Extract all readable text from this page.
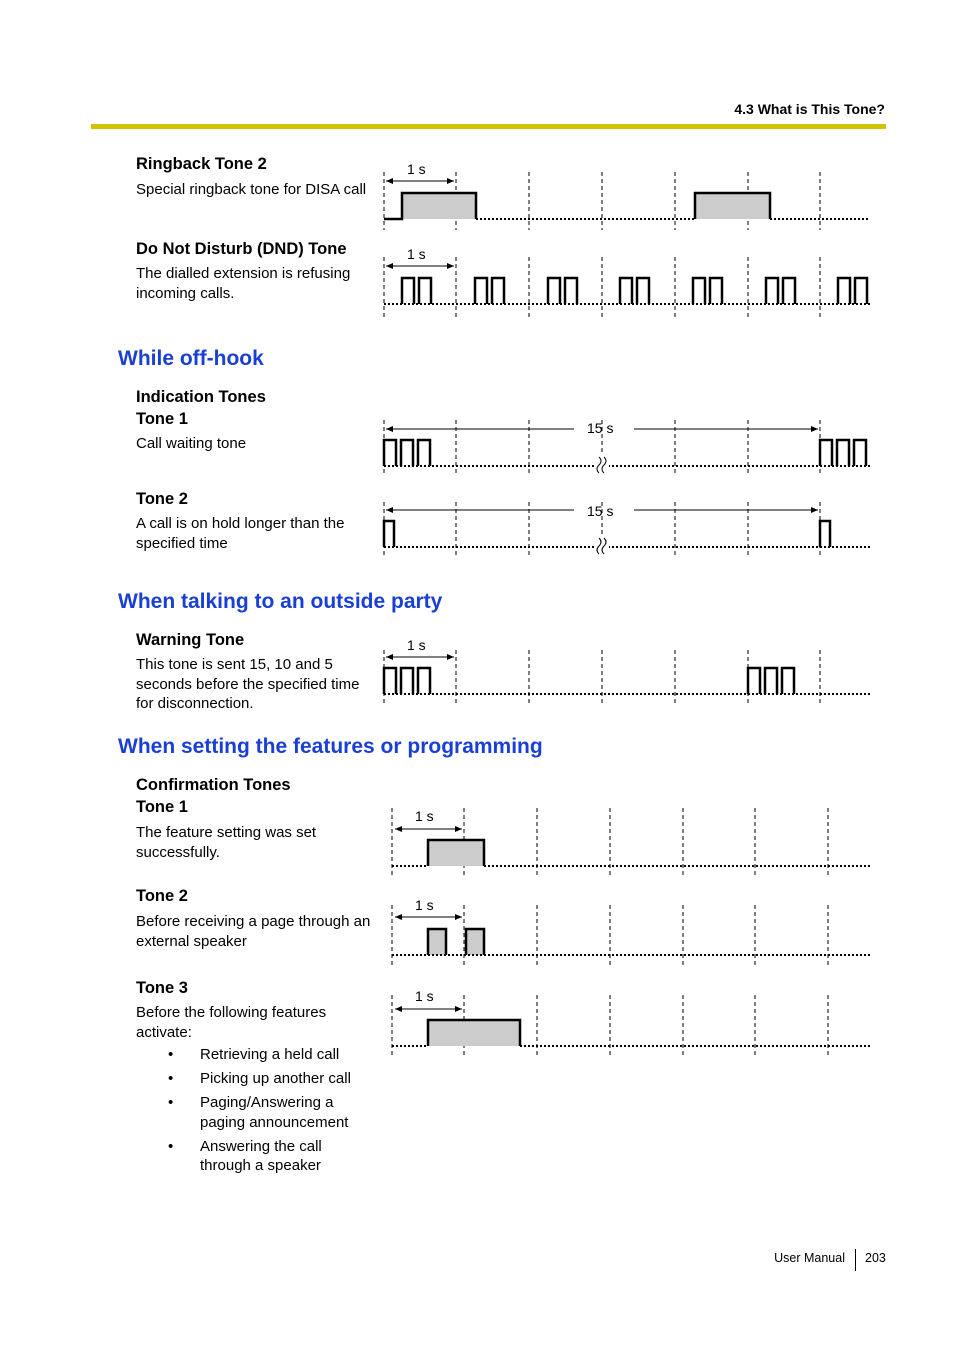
4.3 What is This Tone?
Ringback Tone 2
Special ringback tone for DISA call
1 s
Do Not Disturb (DND) Tone
The dialled extension is refusing incoming calls.
1 s
While off-hook
Indication Tones
Tone 1
Call waiting tone
15 s
Tone 2
A call is on hold longer than the specified time
15 s
When talking to an outside party
Warning Tone
This tone is sent 15, 10 and 5 seconds before the specified time for disconnection.
1 s
When setting the features or programming
Confirmation Tones
Tone 1
The feature setting was set successfully.
1 s
Tone 2
Before receiving a page through an external speaker
1 s
Tone 3
Before the following features activate:
• Retrieving a held call
• Picking up another call
• Paging/Answering a paging announcement
• Answering the call through a speaker
1 s
User Manual 203
